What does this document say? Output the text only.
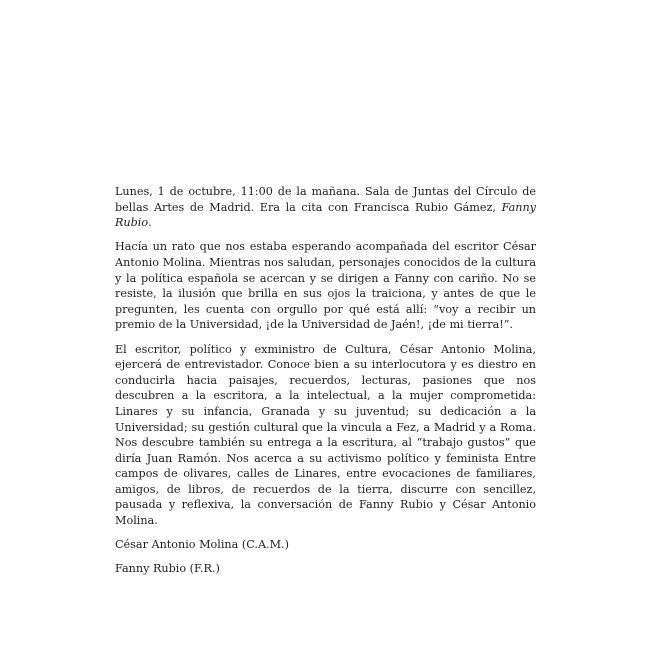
Lunes, 1 de octubre, 11:00 de la mañana. Sala de Juntas del Círculo de bellas Artes de Madrid. Era la cita con Francisca Rubio Gámez, Fanny Rubio.

Hacía un rato que nos estaba esperando acompañada del escritor César Antonio Molina. Mientras nos saludan, personajes conocidos de la cultura y la política española se acercan y se dirigen a Fanny con cariño. No se resiste, la ilusión que brilla en sus ojos la traiciona, y antes de que le pregunten, les cuenta con orgullo por qué está allí: “voy a recibir un premio de la Universidad, ¡de la Universidad de Jaén!, ¡de mi tierra!”.

El escritor, político y exministro de Cultura, César Antonio Molina, ejercerá de entrevistador. Conoce bien a su interlocutora y es diestro en conducirla hacia paisajes, recuerdos, lecturas, pasiones que nos descubren a la escritora, a la intelectual, a la mujer comprometida: Linares y su infancia, Granada y su juventud; su dedicación a la Universidad; su gestión cultural que la vincula a Fez, a Madrid y a Roma. Nos descubre también su entrega a la escritura, al “trabajo gustos” que diría Juan Ramón. Nos acerca a su activismo político y feminista Entre campos de olivares, calles de Linares, entre evocaciones de familiares, amigos, de libros, de recuerdos de la tierra, discurre con sencillez, pausada y reflexiva, la conversación de Fanny Rubio y César Antonio Molina.

César Antonio Molina (C.A.M.)

Fanny Rubio (F.R.)
